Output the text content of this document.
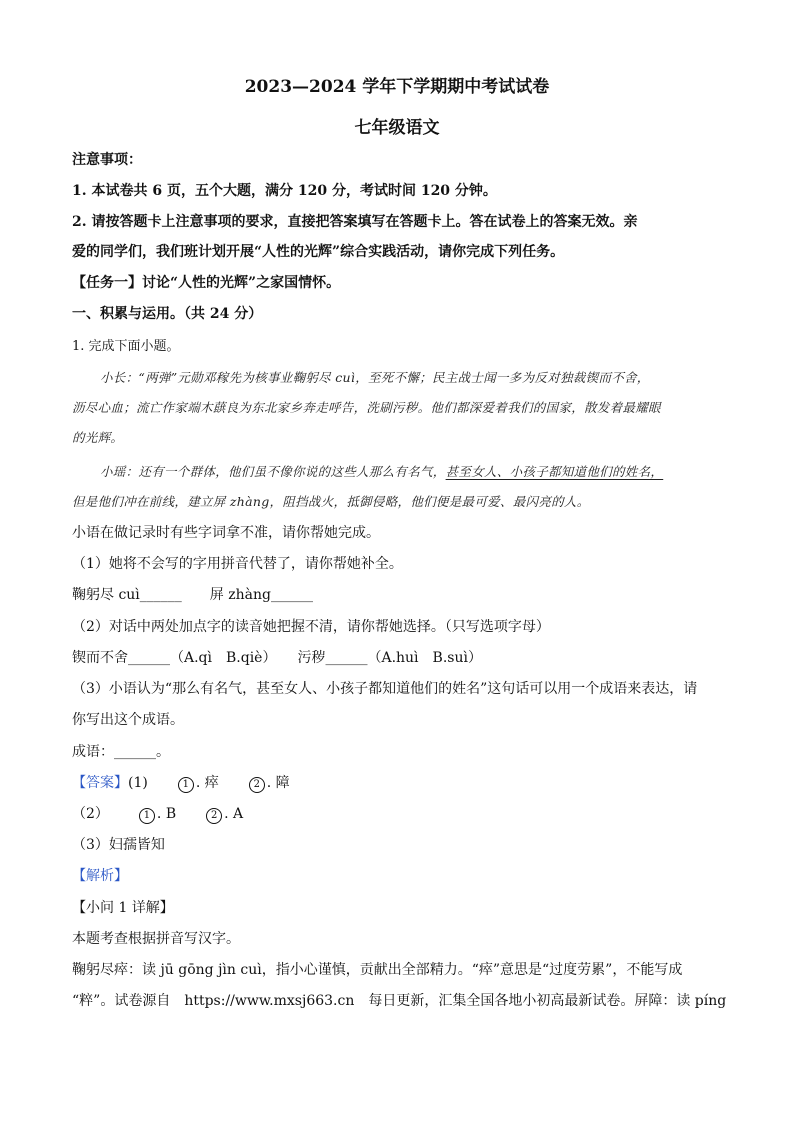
2023—2024 学年下学期期中考试试卷
七年级语文
注意事项：
1. 本试卷共 6 页，五个大题，满分 120 分，考试时间 120 分钟。
2. 请按答题卡上注意事项的要求，直接把答案填写在答题卡上。答在试卷上的答案无效。亲
爱的同学们，我们班计划开展“人性的光辉”综合实践活动，请你完成下列任务。
【任务一】讨论“人性的光辉”之家国情怀。
一、积累与运用。（共 24 分）
1. 完成下面小题。
小长：“两弹”元勋邓稼先为核事业鞠躬尽 cuì，至死不懈；民主战士闻一多为反对独裁锲而不舍，
沥尽心血；流亡作家端木蕻良为东北家乡奔走呼告，洗刷污秽。他们都深爱着我们的国家，散发着最耀眼
的光辉。
小瑶：还有一个群体，他们虽不像你说的这些人那么有名气，甚至女人、小孩子都知道他们的姓名，
但是他们冲在前线，建立屏 zhàng，阻挡战火，抵御侵略，他们便是最可爱、最闪亮的人。
小语在做记录时有些字词拿不准，请你帮她完成。
（1）她将不会写的字用拼音代替了，请你帮她补全。
鞠躬尽 cuì______　　屏 zhàng______
（2）对话中两处加点字的读音她把握不清，请你帮她选择。（只写选项字母）
锲而不舍______（A.qì　B.qiè）　　污秽______（A.huì　B.suì）
（3）小语认为“那么有名气，甚至女人、小孩子都知道他们的姓名”这句话可以用一个成语来表达，请
你写出这个成语。
成语：______。
【答案】(1)	1 . 瘁	2 . 障
（2）	1 . B	2 . A
（3）妇孺皆知
【解析】
【小问 1 详解】
本题考查根据拼音写汉字。
鞠躬尽瘁：读 jū gōng jìn cuì，指小心谨慎，贡献出全部精力。“瘁”意思是“过度劳累”，不能写成
“粹”。试卷源自　https://www.mxsj663.cn　每日更新，汇集全国各地小初高最新试卷。屏障：读 píng
